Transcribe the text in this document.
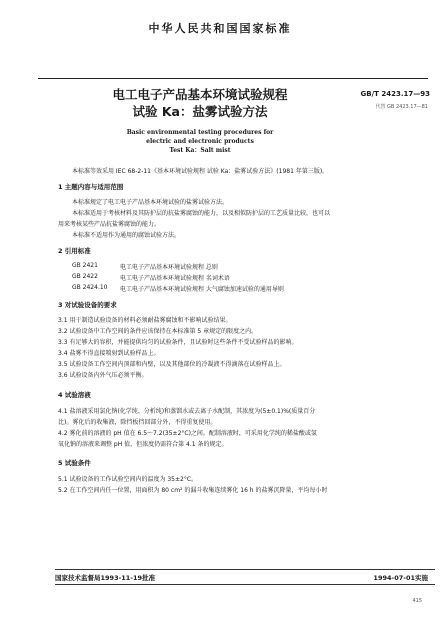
中华人民共和国国家标准
电工电子产品基本环境试验规程
试验 Ka：盐雾试验方法
Basic environmental testing procedures for
electric and electronic products
Test Ka：Salt mist
GB/T 2423.17—93
代替 GB 2423.17—81
本标准等效采用 IEC 68-2-11《基本环境试验规程 试验 Ka：盐雾试验方法》(1981 年第三版)。
1 主题内容与适用范围
本标准规定了电工电子产品基本环境试验的盐雾试验方法。
本标准适用于考核材料及其防护层的抗盐雾腐蚀的能力，以及相似防护层的工艺质量比较，也可以
用来考核某些产品抗盐雾腐蚀的能力。
本标准不适用作为通用的腐蚀试验方法。
2 引用标准
GB 2421	电工电子产品基本环境试验规程 总则
GB 2422	电工电子产品基本环境试验规程 名词术语
GB 2424.10 电工电子产品基本环境试验规程 大气腐蚀加速试验的通用导则
3 对试验设备的要求
3.1 用于制造试验设备的材料必须耐盐雾腐蚀和不影响试验结果。
3.2 试验设备中工作空间的条件应该保持在本标准第 5 章规定的限度之内。
3.3 有足够大的容积，并能提供均匀的试验条件，且试验时这些条件不受试验样品的影响。
3.4 盐雾不得直接喷射到试验样品上。
3.5 试验设备工作空间内顶部和内壁，以及其他部位的冷凝液不得滴落在试验样品上。
3.6 试验设备内外气压必须平衡。
4 试验溶液
4.1 盐溶液采用氯化钠(化学纯、分析纯)和蒸馏水或去离子水配制，其浓度为(5±0.1)%(质量百分
比)。雾化后的收集液，除挡板挡回部分外，不得重复使用。
4.2 雾化前的溶液的 pH 值在 6.5～7.2(35±2°C)之间。配制溶液时，可采用化学纯的稀盐酸或氢
氧化钠的溶液来调整 pH 值，但浓度仍需符合第 4.1 条的规定。
5 试验条件
5.1 试验设备的工作试验空间内的温度为 35±2°C。
5.2 在工作空间内任一位置，用面积为 80 cm² 的漏斗收集连续雾化 16 h 的盐雾沉降量，平均每小时
国家技术监督局1993-11-19批准	1994-07-01实施
415
